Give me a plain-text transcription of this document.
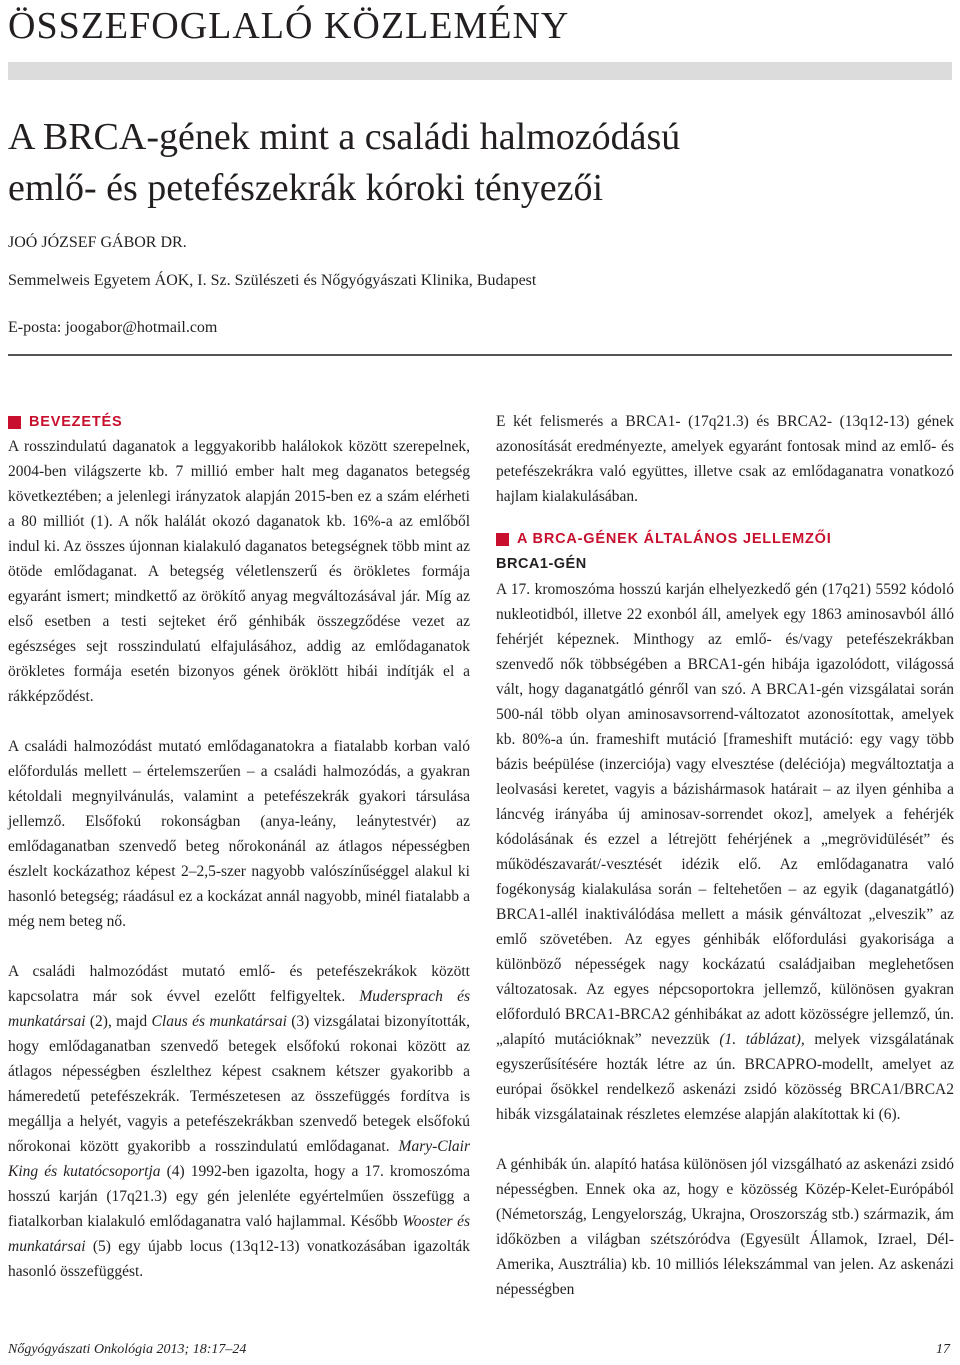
ÖSSZEFOGLALÓ KÖZLEMÉNY
A BRCA-gének mint a családi halmozódású
emlő- és petefészekrák kóroki tényezői
JOÓ JÓZSEF GÁBOR DR.
Semmelweis Egyetem ÁOK, I. Sz. Szülészeti és Nőgyógyászati Klinika, Budapest
E-posta: joogabor@hotmail.com
BEVEZETÉS

A rosszindulatú daganatok a leggyakoribb halálokok között szerepelnek, 2004-ben világszerte kb. 7 millió ember halt meg daganatos betegség következtében; a jelenlegi irányzatok alapján 2015-ben ez a szám elérheti a 80 milliót (1). A nők halálát okozó daganatok kb. 16%-a az emlőből indul ki. Az összes újonnan kialakuló daganatos betegségnek több mint az ötöde emlődaganat. A betegség véletlenszerű és örökletes formája egyaránt ismert; mindkettő az örökítő anyag megváltozásával jár. Míg az első esetben a testi sejteket érő génhibák összegződése vezet az egészséges sejt rosszindulatú elfajulásához, addig az emlődaganatok örökletes formája esetén bizonyos gének öröklött hibái indítják el a rákképződést.

A családi halmozódást mutató emlődaganatokra a fiatalabb korban való előfordulás mellett – értelemszerűen – a családi halmozódás, a gyakran kétoldali megnyilvánulás, valamint a petefészekrák gyakori társulása jellemző. Elsőfokú rokonságban (anya-leány, leánytestvér) az emlődaganatban szenvedő beteg nőrokonánál az átlagos népességben észlelt kockázathoz képest 2–2,5-szer nagyobb valószínűséggel alakul ki hasonló betegség; ráadásul ez a kockázat annál nagyobb, minél fiatalabb a még nem beteg nő.

A családi halmozódást mutató emlő- és petefészekrákok között kapcsolatra már sok évvel ezelőtt felfigyeltek. Mudersprach és munkatársai (2), majd Claus és munkatársai (3) vizsgálatai bizonyították, hogy emlődaganatban szenvedő betegek elsőfokú rokonai között az átlagos népességben észlelthez képest csaknem kétszer gyakoribb a hámeredetű petefészekrák. Természetesen az összefüggés fordítva is megállja a helyét, vagyis a petefészekrákban szenvedő betegek elsőfokú nőrokonai között gyakoribb a rosszindulatú emlődaganat. Mary-Clair King és kutatócsoportja (4) 1992-ben igazolta, hogy a 17. kromoszóma hosszú karján (17q21.3) egy gén jelenléte egyértelműen összefügg a fiatalkorban kialakuló emlődaganatra való hajlammal. Később Wooster és munkatársai (5) egy újabb locus (13q12-13) vonatkozásában igazolták hasonló összefüggést.

E két felismerés a BRCA1- (17q21.3) és BRCA2- (13q12-13) gének azonosítását eredményezte, amelyek egyaránt fontosak mind az emlő- és petefészekrákra való együttes, illetve csak az emlődaganatra vonatkozó hajlam kialakulásában.

A BRCA-GÉNEK ÁLTALÁNOS JELLEMZŐI
BRCA1-GÉN

A 17. kromoszóma hosszú karján elhelyezkedő gén (17q21) 5592 kódoló nukleotidból, illetve 22 exonból áll, amelyek egy 1863 aminosavból álló fehérjét képeznek. Minthogy az emlő- és/vagy petefészekrákban szenvedő nők többségében a BRCA1-gén hibája igazolódott, világossá vált, hogy daganatgátló génről van szó. A BRCA1-gén vizsgálatai során 500-nál több olyan aminosavsorrend-változatot azonosítottak, amelyek kb. 80%-a ún. frameshift mutáció [frameshift mutáció: egy vagy több bázis beépülése (inzerciója) vagy elvesztése (deléciója) megváltoztatja a leolvasási keretet, vagyis a bázishármasok határait – az ilyen génhiba a láncvég irányába új aminosav-sorrendet okoz], amelyek a fehérjék kódolásának és ezzel a létrejött fehérjének a „megrövidülését” és működészavarát/-vesztését idézik elő. Az emlődaganatra való fogékonyság kialakulása során – feltehetően – az egyik (daganatgátló) BRCA1-allél inaktiválódása mellett a másik génváltozat „elveszik” az emlő szövetében. Az egyes génhibák előfordulási gyakorisága a különböző népességek nagy kockázatú családjaiban meglehetősen változatosak. Az egyes népcsoportokra jellemző, különösen gyakran előforduló BRCA1-BRCA2 génhibákat az adott közösségre jellemző, ún. „alapító mutációknak” nevezzük (1. táblázat), melyek vizsgálatának egyszerűsítésére hozták létre az ún. BRCAPRO-modellt, amelyet az európai ősökkel rendelkező askenázi zsidó közösség BRCA1/BRCA2 hibák vizsgálatainak részletes elemzése alapján alakítottak ki (6).

A génhibák ún. alapító hatása különösen jól vizsgálható az askenázi zsidó népességben. Ennek oka az, hogy e közösség Közép-Kelet-Európából (Németország, Lengyelország, Ukrajna, Oroszország stb.) származik, ám időközben a világban szétszóródva (Egyesült Államok, Izrael, Dél-Amerika, Ausztrália) kb. 10 milliós lélekszámmal van jelen. Az askenázi népességben

Nőgyógyászati Onkológia 2013; 18:17–24	17
